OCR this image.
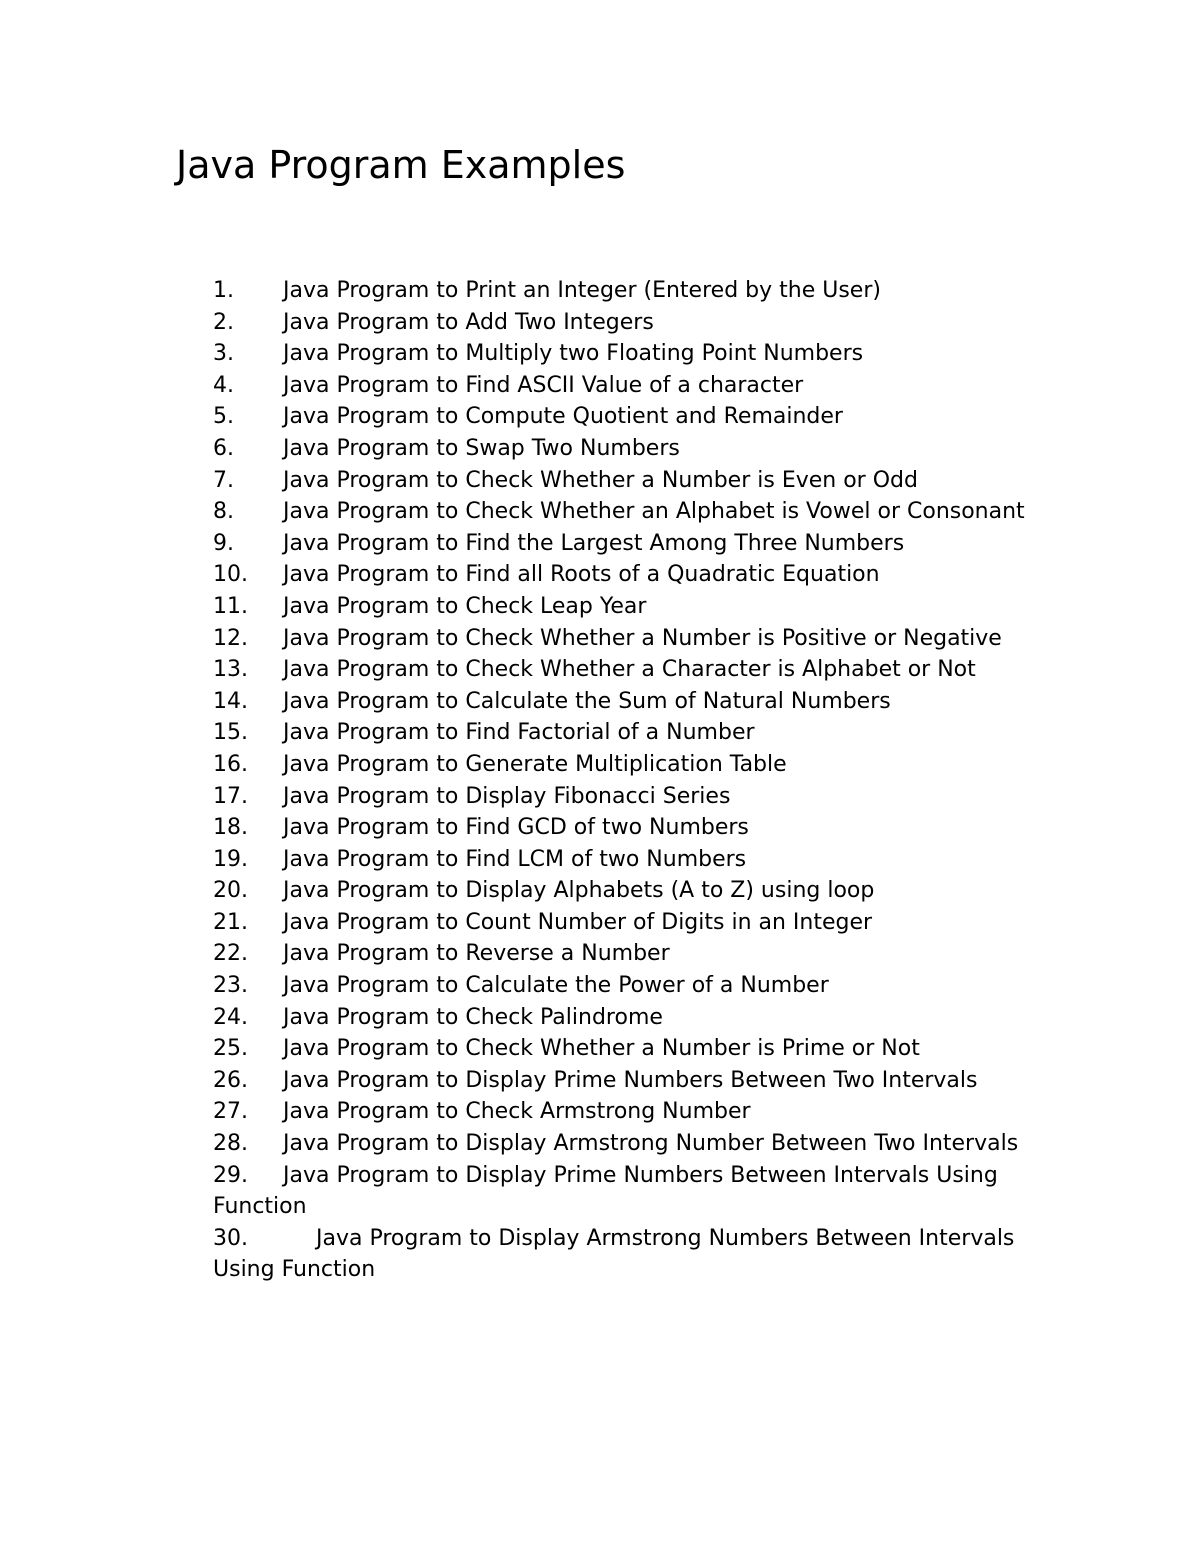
Java Program Examples
1. Java Program to Print an Integer (Entered by the User)
2. Java Program to Add Two Integers
3. Java Program to Multiply two Floating Point Numbers
4. Java Program to Find ASCII Value of a character
5. Java Program to Compute Quotient and Remainder
6. Java Program to Swap Two Numbers
7. Java Program to Check Whether a Number is Even or Odd
8. Java Program to Check Whether an Alphabet is Vowel or Consonant
9. Java Program to Find the Largest Among Three Numbers
10. Java Program to Find all Roots of a Quadratic Equation
11. Java Program to Check Leap Year
12. Java Program to Check Whether a Number is Positive or Negative
13. Java Program to Check Whether a Character is Alphabet or Not
14. Java Program to Calculate the Sum of Natural Numbers
15. Java Program to Find Factorial of a Number
16. Java Program to Generate Multiplication Table
17. Java Program to Display Fibonacci Series
18. Java Program to Find GCD of two Numbers
19. Java Program to Find LCM of two Numbers
20. Java Program to Display Alphabets (A to Z) using loop
21. Java Program to Count Number of Digits in an Integer
22. Java Program to Reverse a Number
23. Java Program to Calculate the Power of a Number
24. Java Program to Check Palindrome
25. Java Program to Check Whether a Number is Prime or Not
26. Java Program to Display Prime Numbers Between Two Intervals
27. Java Program to Check Armstrong Number
28. Java Program to Display Armstrong Number Between Two Intervals
29. Java Program to Display Prime Numbers Between Intervals Using Function
30.	Java Program to Display Armstrong Numbers Between Intervals Using Function
